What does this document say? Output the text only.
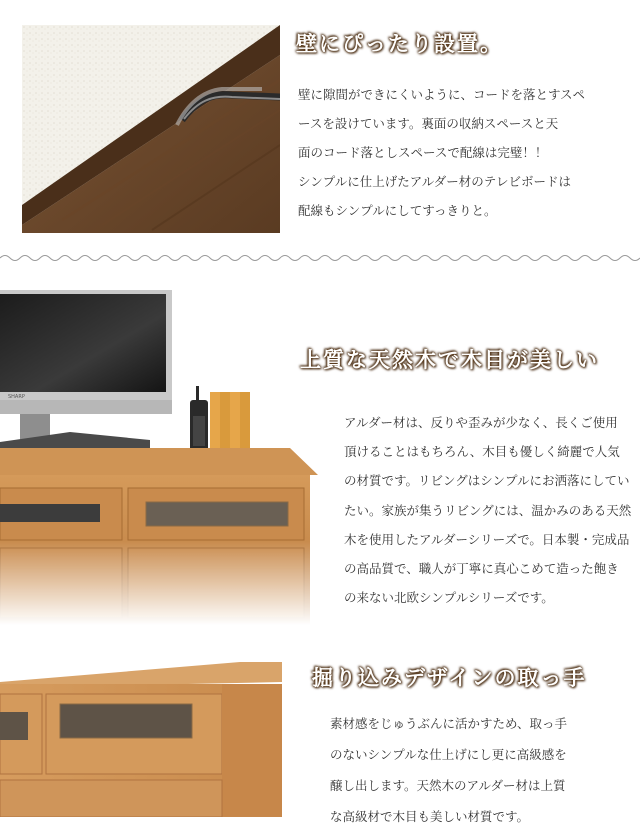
壁にぴったり設置。
壁に隙間ができにくいように、コードを落とすスペ
ースを設けています。裏面の収納スペースと天
面のコード落としスペースで配線は完璧！！
シンプルに仕上げたアルダー材のテレビボードは
配線もシンプルにしてすっきりと。
上質な天然木で木目が美しい
アルダー材は、反りや歪みが少なく、長くご使用
頂けることはもちろん、木目も優しく綺麗で人気
の材質です。リビングはシンプルにお洒落にしてい
たい。家族が集うリビングには、温かみのある天然
木を使用したアルダーシリーズで。日本製・完成品
の高品質で、職人が丁寧に真心こめて造った飽き
の来ない北欧シンプルシリーズです。
掘り込みデザインの取っ手
素材感をじゅうぶんに活かすため、取っ手
のないシンプルな仕上げにし更に高級感を
醸し出します。天然木のアルダー材は上質
な高級材で木目も美しい材質です。
